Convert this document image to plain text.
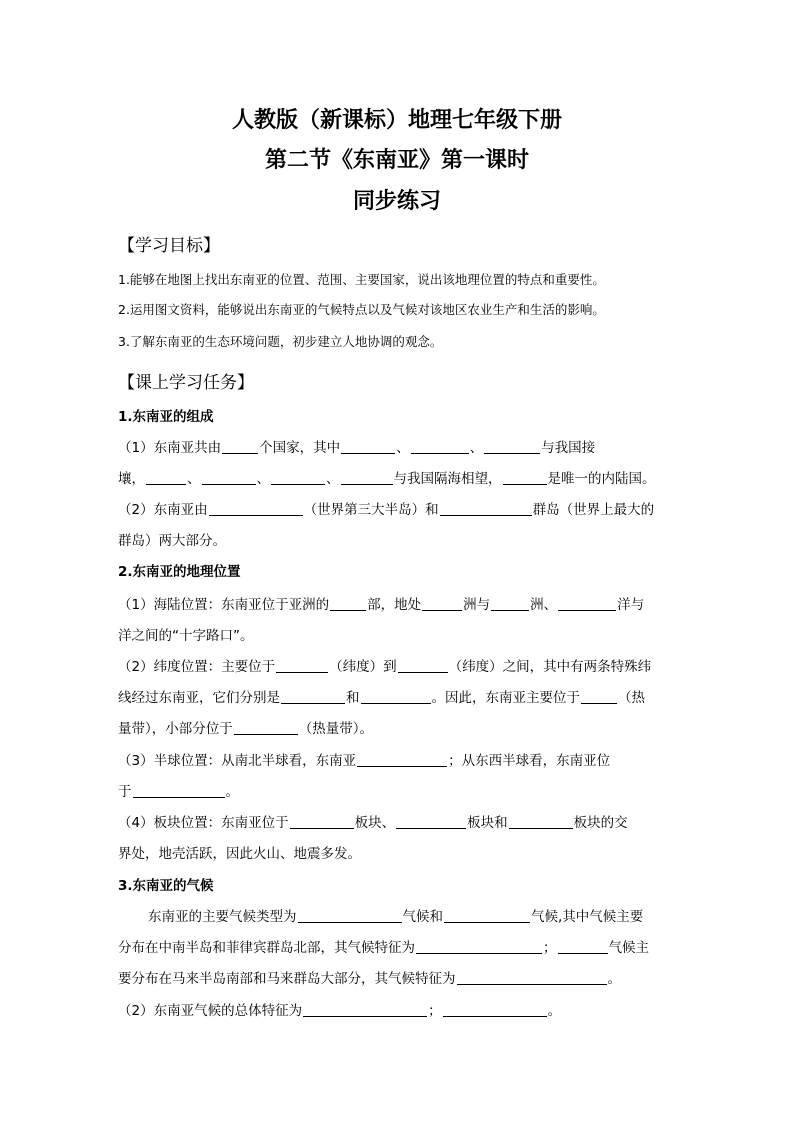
人教版（新课标）地理七年级下册
第二节《东南亚》第一课时
同步练习
【学习目标】
1.能够在地图上找出东南亚的位置、范围、主要国家，说出该地理位置的特点和重要性。
2.运用图文资料，能够说出东南亚的气候特点以及气候对该地区农业生产和生活的影响。
3.了解东南亚的生态环境问题，初步建立人地协调的观念。
【课上学习任务】
1.东南亚的组成
（1）东南亚共由	个国家，其中	、	、	与我国接
壤，	、	、	、	与我国隔海相望，	是唯一的内陆国。
（2）东南亚由	（世界第三大半岛）和	群岛（世界上最大的
群岛）两大部分。
2.东南亚的地理位置
（1）海陆位置：东南亚位于亚洲的	部，地处	洲与	洲、	洋与
洋之间的“十字路口”。
（2）纬度位置：主要位于	（纬度）到	（纬度）之间，其中有两条特殊纬
线经过东南亚，它们分别是	和	。因此，东南亚主要位于	（热
量带），小部分位于	（热量带）。
（3）半球位置：从南北半球看，东南亚	；从东西半球看，东南亚位
于	。
（4）板块位置：东南亚位于	板块、	板块和	板块的交
界处，地壳活跃，因此火山、地震多发。
3.东南亚的气候
东南亚的主要气候类型为	气候和	气候,其中气候主要
分布在中南半岛和菲律宾群岛北部，其气候特征为	；	气候主
要分布在马来半岛南部和马来群岛大部分，其气候特征为	。
（2）东南亚气候的总体特征为	；	。
